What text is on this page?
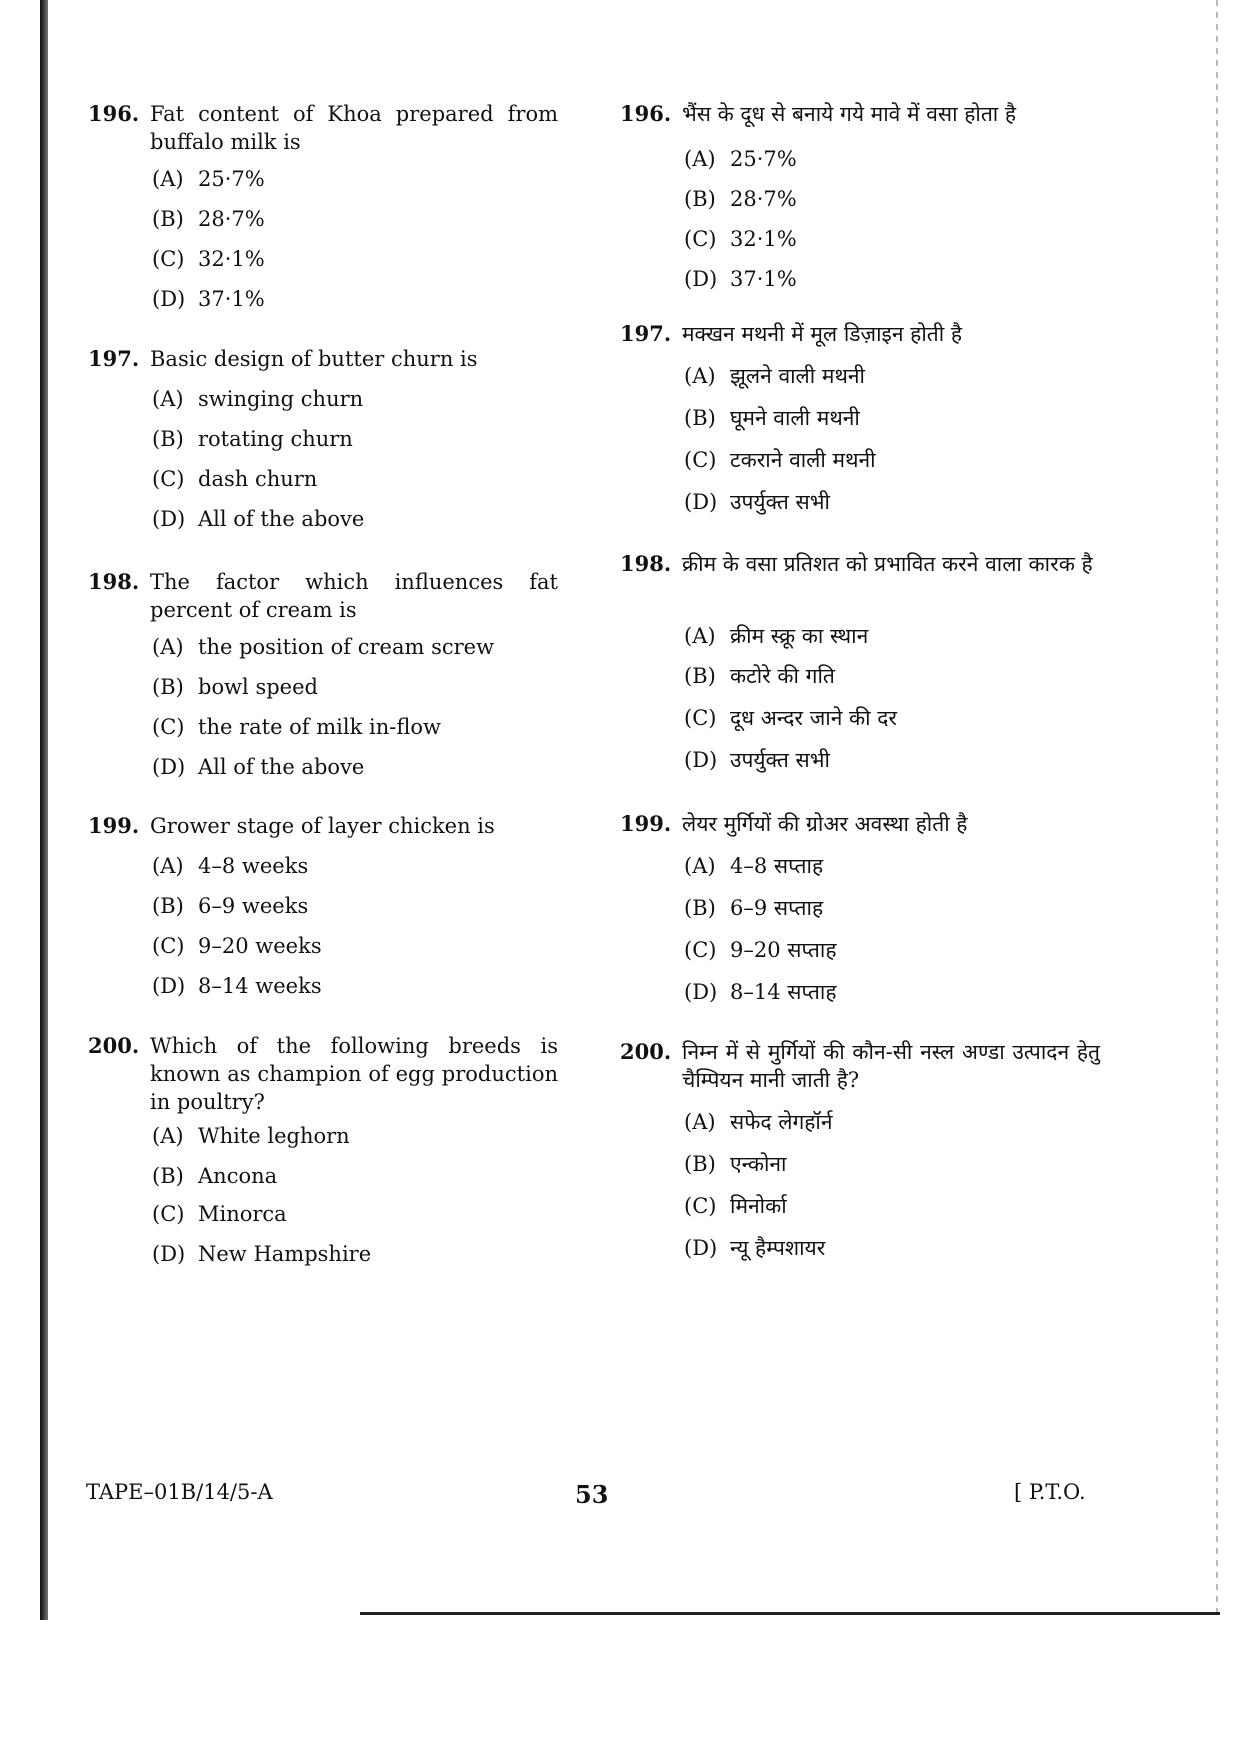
196. Fat content of Khoa prepared from buffalo milk is
(A) 25·7%
(B) 28·7%
(C) 32·1%
(D) 37·1%
197. Basic design of butter churn is
(A) swinging churn
(B) rotating churn
(C) dash churn
(D) All of the above
198. The factor which influences fat percent of cream is
(A) the position of cream screw
(B) bowl speed
(C) the rate of milk in-flow
(D) All of the above
199. Grower stage of layer chicken is
(A) 4–8 weeks
(B) 6–9 weeks
(C) 9–20 weeks
(D) 8–14 weeks
200. Which of the following breeds is known as champion of egg production in poultry?
(A) White leghorn
(B) Ancona
(C) Minorca
(D) New Hampshire
196. भैंस के दूध से बनाये गये मावे में वसा होता है
(A) 25·7%
(B) 28·7%
(C) 32·1%
(D) 37·1%
197. मक्खन मथनी में मूल डिज़ाइन होती है
(A) झूलने वाली मथनी
(B) घूमने वाली मथनी
(C) टकराने वाली मथनी
(D) उपर्युक्त सभी
198. क्रीम के वसा प्रतिशत को प्रभावित करने वाला कारक है
(A) क्रीम स्क्रू का स्थान
(B) कटोरे की गति
(C) दूध अन्दर जाने की दर
(D) उपर्युक्त सभी
199. लेयर मुर्गियों की ग्रोअर अवस्था होती है
(A) 4–8 सप्ताह
(B) 6–9 सप्ताह
(C) 9–20 सप्ताह
(D) 8–14 सप्ताह
200. निम्न में से मुर्गियों की कौन-सी नस्ल अण्डा उत्पादन हेतु चैम्पियन मानी जाती है?
(A) सफेद लेगहॉर्न
(B) एन्कोना
(C) मिनोर्का
(D) न्यू हैम्पशायर
TAPE–01B/14/5-A	53	[ P.T.O.
